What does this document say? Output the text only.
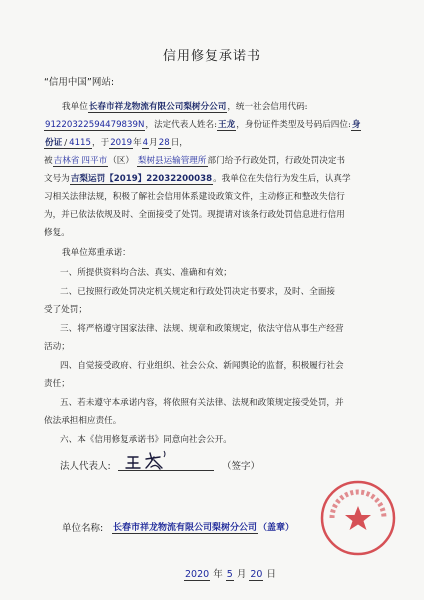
信用修复承诺书
“信用中国”网站:
我单位长春市祥龙物流有限公司梨树分公司，统一社会信用代码:
91220322594479839N，法定代表人姓名:王龙，身份证件类型及号码后四位:身
份证 / 4115，于2019年4月28日，
被吉林省 四平市（区） 梨树县运输管理所部门给予行政处罚，行政处罚决定书
文号为吉梨运罚【2019】22032200038。我单位在失信行为发生后，认真学
习相关法律法规，积极了解社会信用体系建设政策文件，主动修正和整改失信行
为，并已依法依规及时、全面接受了处罚。现提请对该条行政处罚信息进行信用
修复。
我单位郑重承诺：
一、所提供资料均合法、真实、准确和有效；
二、已按照行政处罚决定机关规定和行政处罚决定书要求，及时、全面接
受了处罚；
三、将严格遵守国家法律、法规、规章和政策规定，依法守信从事生产经营
活动；
四、自觉接受政府、行业组织、社会公众、新闻舆论的监督，积极履行社会
责任；
五、若未遵守本承诺内容，将依照有关法律、法规和政策规定接受处罚，并
依法承担相应责任。
六、本《信用修复承诺书》同意向社会公开。
法人代表人:	（签字）
单位名称: 长春市祥龙物流有限公司梨树分公司（盖章）
2020 年 5 月 20 日
